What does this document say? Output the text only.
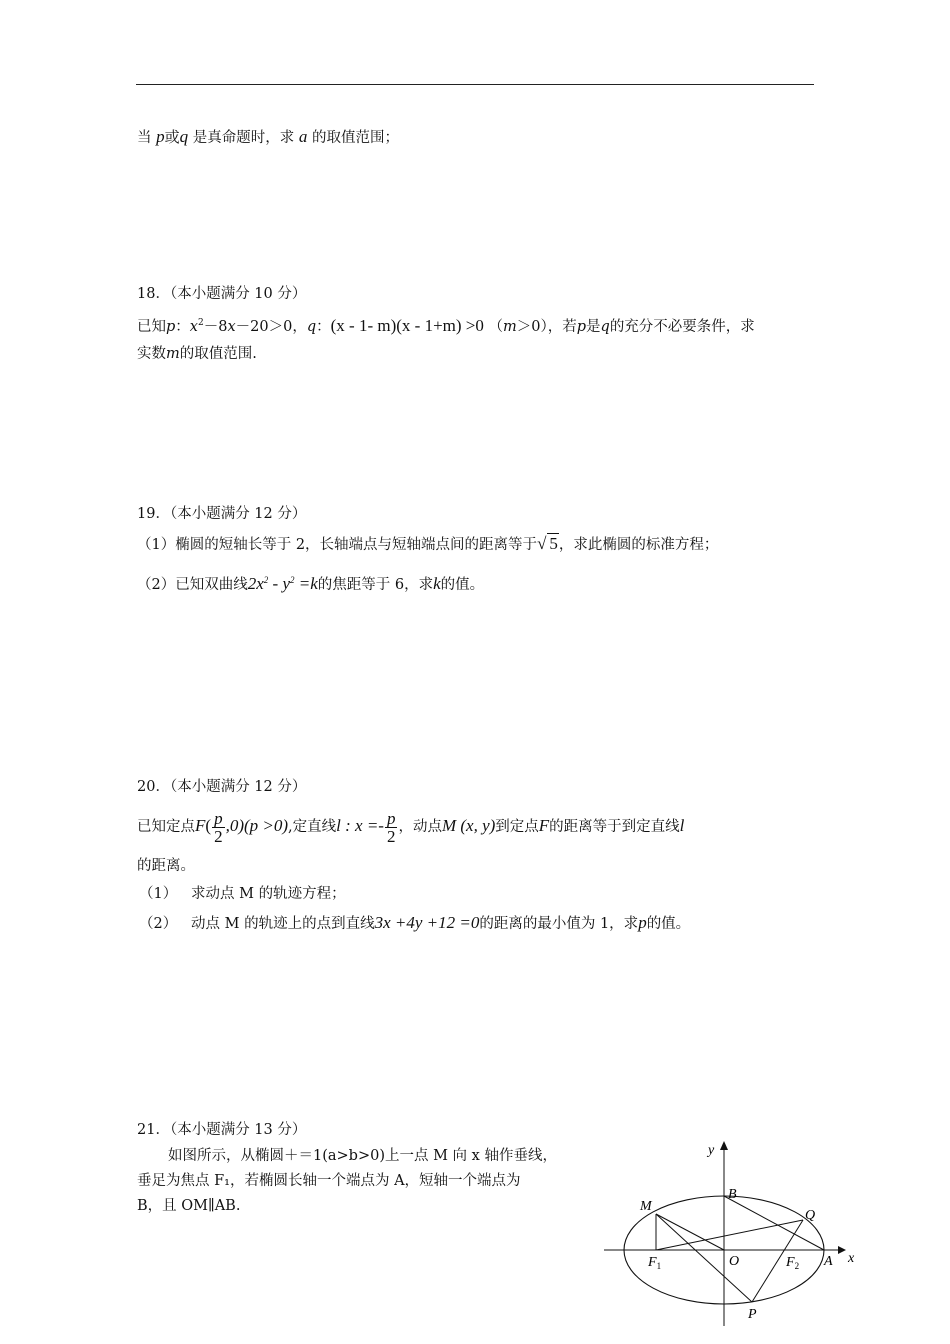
当 p或q 是真命题时，求 a 的取值范围；
18．（本小题满分 10 分）
已知p：$x^2-8x-20>0$，q：(x - 1- m)(x - 1+m) >0 （m＞0），若p是q的充分不必要条件，求
实数m的取值范围.
19．（本小题满分 12 分）
（1）椭圆的短轴长等于 2，长轴端点与短轴端点间的距离等于√ 5，求此椭圆的标准方程；
（2）已知双曲线$2x^2 - y^2 =k$的焦距等于 6，求k的值。
20．（本小题满分 12 分）
已知定点$F( \frac{p}{2} ,0)(p >0)$,定直线l : $x =- \frac{p}{2}$ ，动点M (x, y)到定点F的距离等于到定直线l
的距离。
（1） 求动点 M 的轨迹方程；
（2） 动点 M 的轨迹上的点到直线3x +4y +12 =0的距离的最小值为 1，求p的值。
21．（本小题满分 13 分）
如图所示，从椭圆＋＝1(a>b>0)上一点 M 向 x 轴作垂线，
垂足为焦点 F₁，若椭圆长轴一个端点为 A，短轴一个端点为
B，且 OM∥AB.
y
x
B
M
Q
$F_1$	O	$F_2$ A
P
